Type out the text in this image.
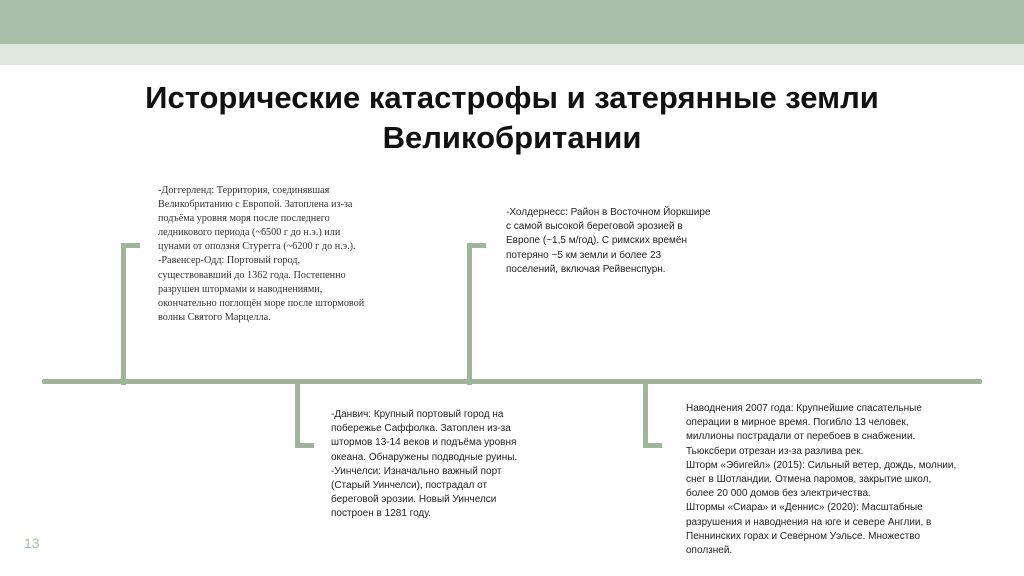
Исторические катастрофы и затерянные земли
Великобритании

-Доггерленд: Территория, соединявшая Великобританию с Европой. Затоплена из-за подъёма уровня моря после последнего ледникового периода (~6500 г до н.э.) или цунами от оползня Стурегга (~6200 г до н.э.).

-Равенсер-Одд: Портовый город, существовавший до 1362 года. Постепенно разрушен штормами и наводнениями, окончательно поглощён море после штормовой волны Святого Марцелла.

-Холдернесс: Район в Восточном Йоркшире с самой высокой береговой эрозией в Европе (~1,5 м/год). С римских времён потеряно ~5 км земли и более 23 поселений, включая Рейвенспурн.

-Данвич: Крупный портовый город на побережье Саффолка. Затоплен из-за штормов 13-14 веков и подъёма уровня океана. Обнаружены подводные руины.

-Уинчелси: Изначально важный порт (Старый Уинчелси), пострадал от береговой эрозии. Новый Уинчелси построен в 1281 году.

Наводнения 2007 года: Крупнейшие спасательные операции в мирное время. Погибло 13 человек, миллионы пострадали от перебоев в снабжении. Тьюксбери отрезан из-за разлива рек.

Шторм «Эбигейл» (2015): Сильный ветер, дождь, молнии, снег в Шотландии. Отмена паромов, закрытие школ, более 20 000 домов без электричества.

Штормы «Сиара» и «Деннис» (2020): Масштабные разрушения и наводнения на юге и севере Англии, в Пеннинских горах и Северном Уэльсе. Множество оползней.

13
